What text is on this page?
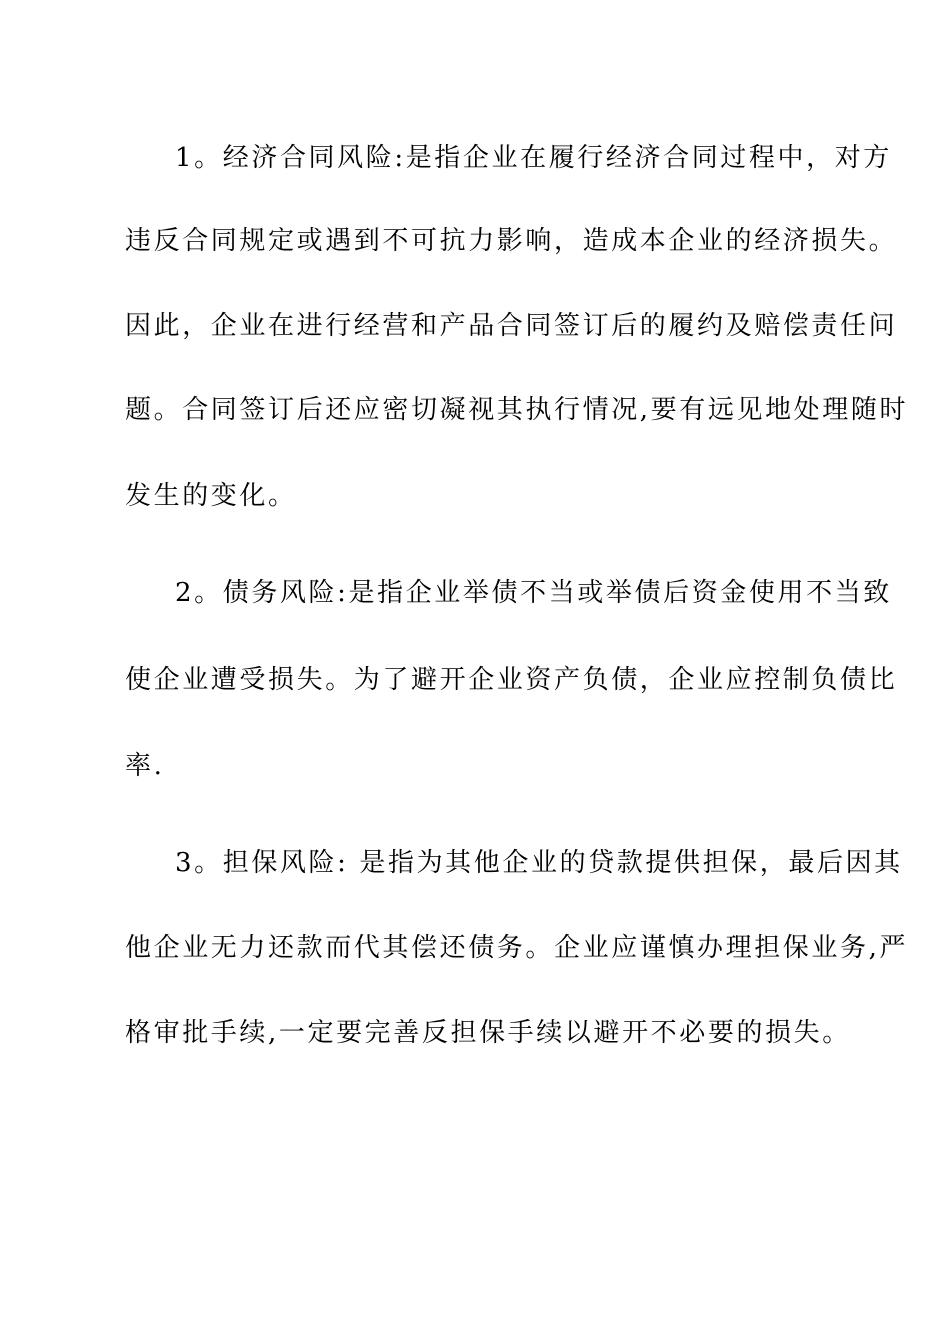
1。经济合同风险:是指企业在履行经济合同过程中，对方
违反合同规定或遇到不可抗力影响，造成本企业的经济损失。
因此，企业在进行经营和产品合同签订后的履约及赔偿责任问
题。合同签订后还应密切凝视其执行情况,要有远见地处理随时
发生的变化。
2。债务风险:是指企业举债不当或举债后资金使用不当致
使企业遭受损失。为了避开企业资产负债，企业应控制负债比
率.
3。担保风险: 是指为其他企业的贷款提供担保，最后因其
他企业无力还款而代其偿还债务。企业应谨慎办理担保业务,严
格审批手续,一定要完善反担保手续以避开不必要的损失。
